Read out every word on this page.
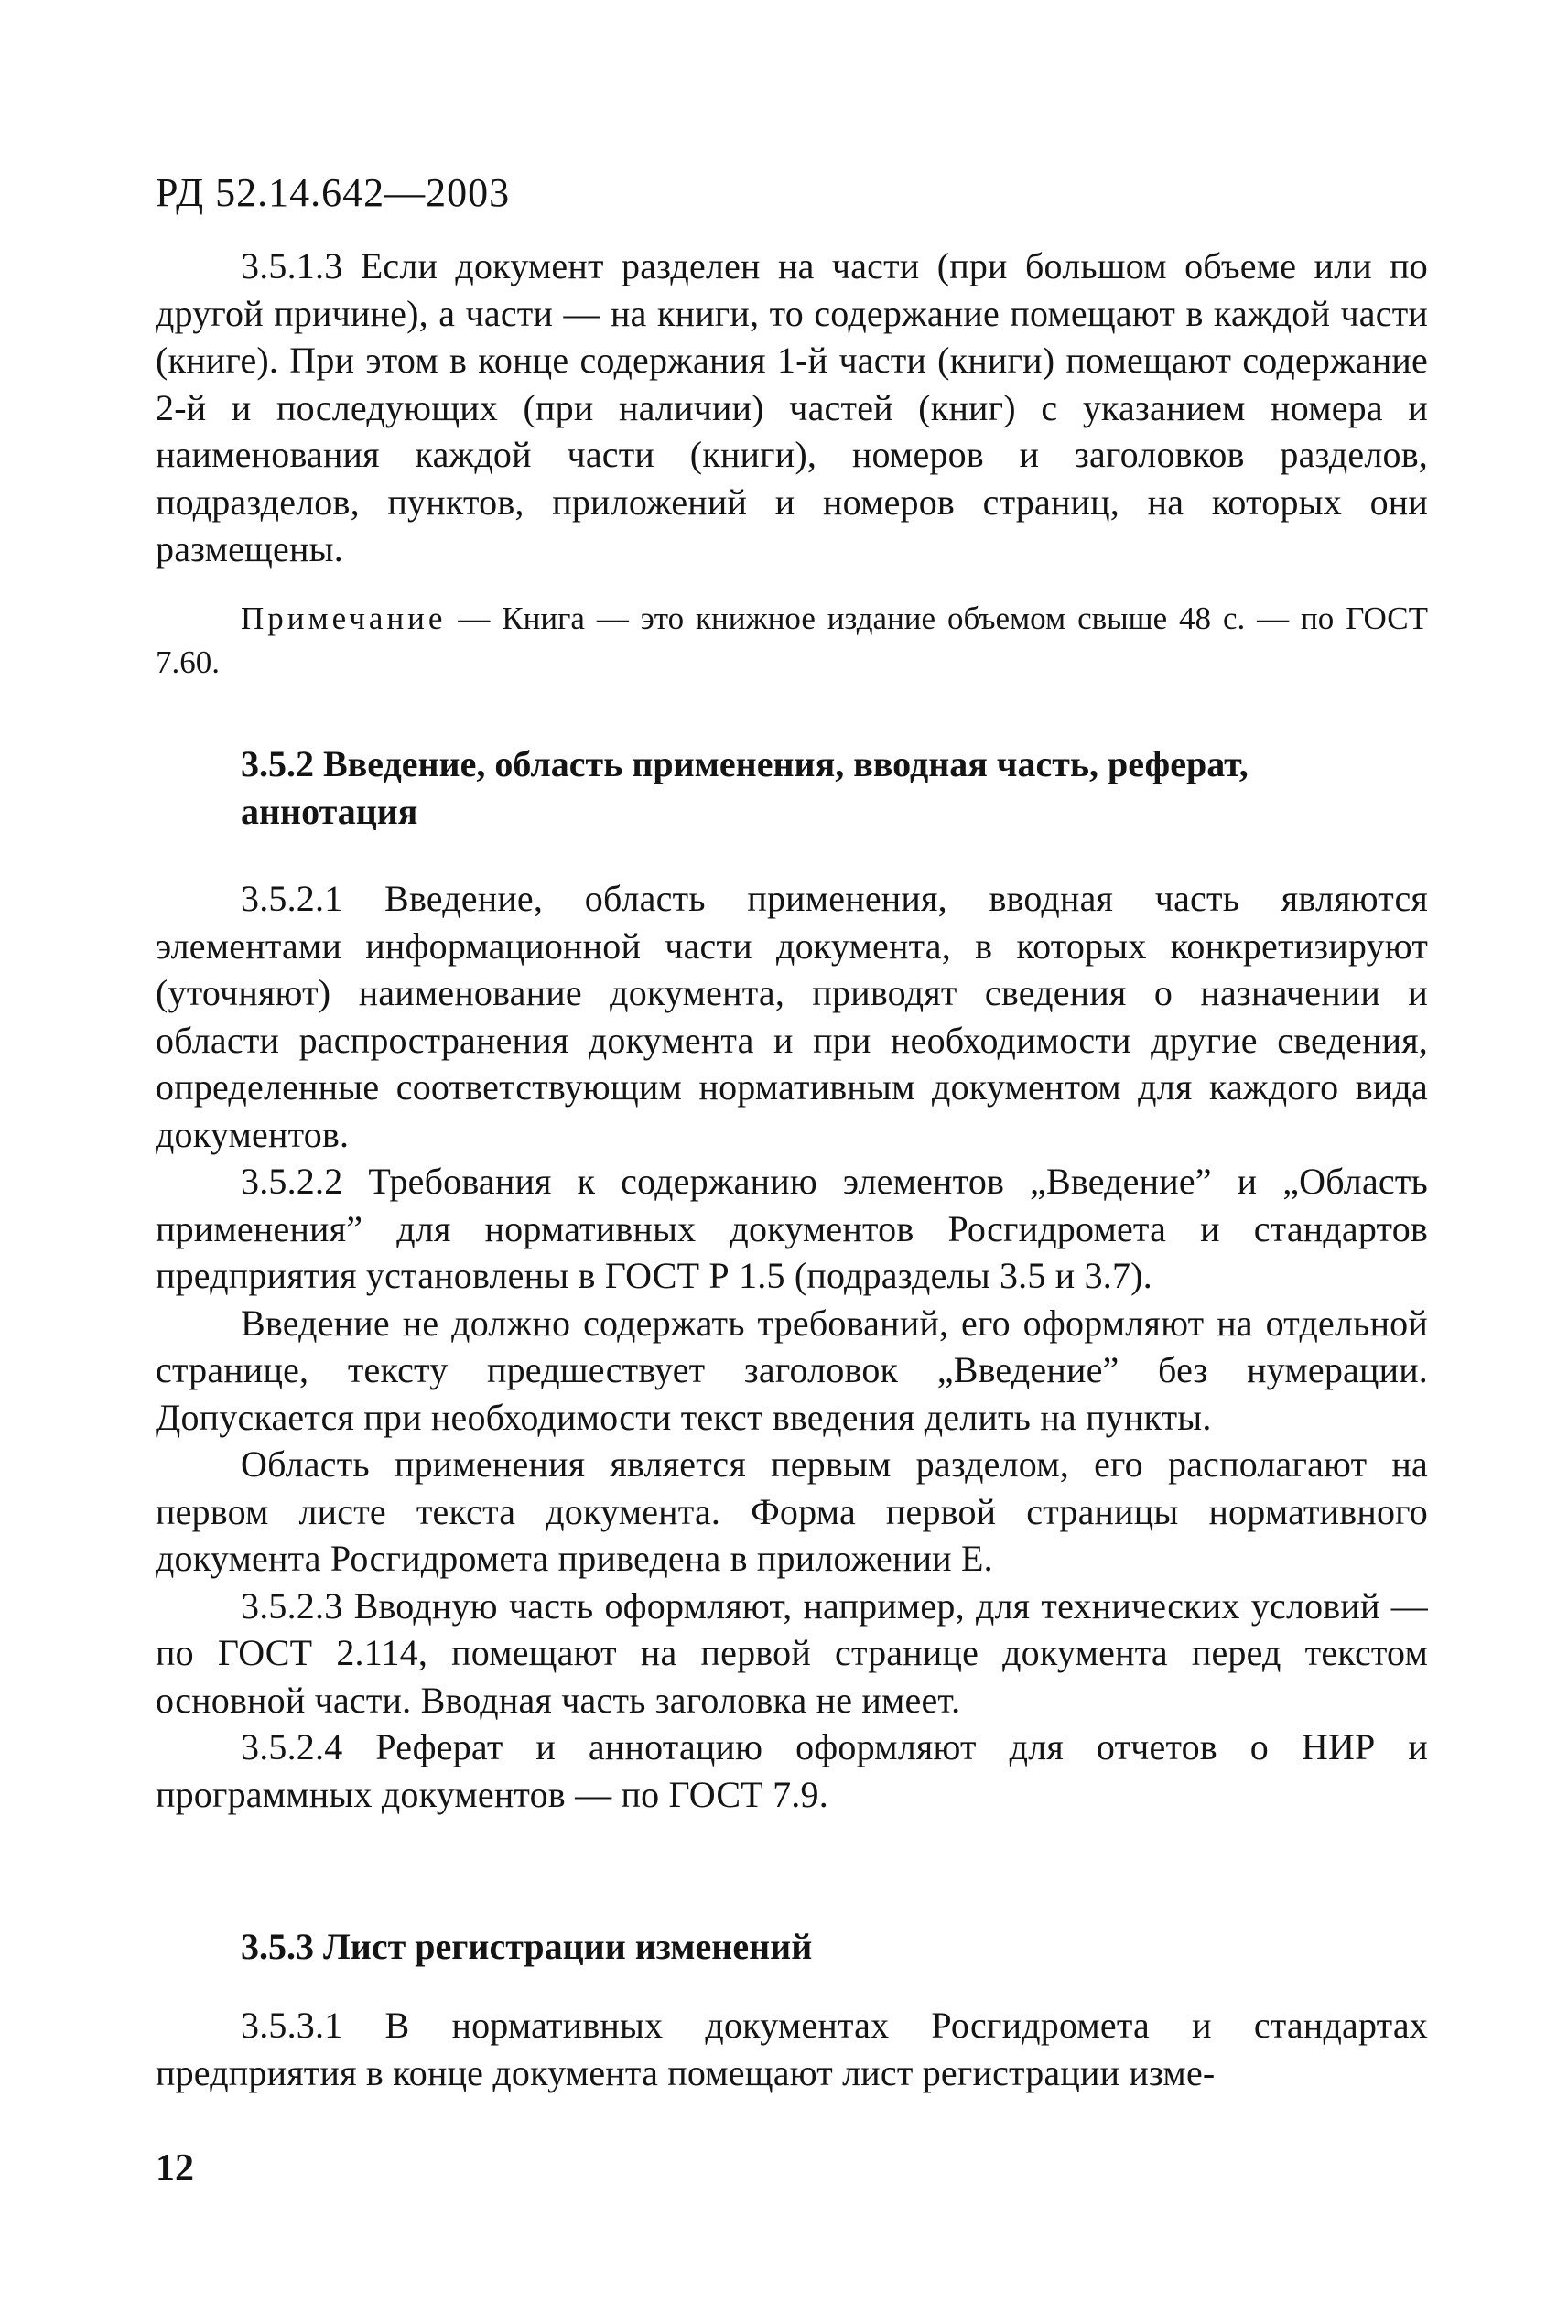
РД 52.14.642—2003

3.5.1.3 Если документ разделен на части (при большом объеме или по другой причине), а части — на книги, то содержание помещают в каждой части (книге). При этом в конце содержания 1-й части (книги) помещают содержание 2-й и последующих (при наличии) частей (книг) с указанием номера и наименования каждой части (книги), номеров и заголовков разделов, подразделов, пунктов, приложений и номеров страниц, на которых они размещены.

Примечание — Книга — это книжное издание объемом свыше 48 с. — по ГОСТ 7.60.

3.5.2 Введение, область применения, вводная часть, реферат, аннотация

3.5.2.1 Введение, область применения, вводная часть являются элементами информационной части документа, в которых конкретизируют (уточняют) наименование документа, приводят сведения о назначении и области распространения документа и при необходимости другие сведения, определенные соответствующим нормативным документом для каждого вида документов.

3.5.2.2 Требования к содержанию элементов „Введение” и „Область применения” для нормативных документов Росгидромета и стандартов предприятия установлены в ГОСТ Р 1.5 (подразделы 3.5 и 3.7).

Введение не должно содержать требований, его оформляют на отдельной странице, тексту предшествует заголовок „Введение” без нумерации. Допускается при необходимости текст введения делить на пункты.

Область применения является первым разделом, его располагают на первом листе текста документа. Форма первой страницы нормативного документа Росгидромета приведена в приложении Е.

3.5.2.3 Вводную часть оформляют, например, для технических условий — по ГОСТ 2.114, помещают на первой странице документа перед текстом основной части. Вводная часть заголовка не имеет.

3.5.2.4 Реферат и аннотацию оформляют для отчетов о НИР и программных документов — по ГОСТ 7.9.

3.5.3 Лист регистрации изменений

3.5.3.1 В нормативных документах Росгидромета и стандартах предприятия в конце документа помещают лист регистрации изме-

12
